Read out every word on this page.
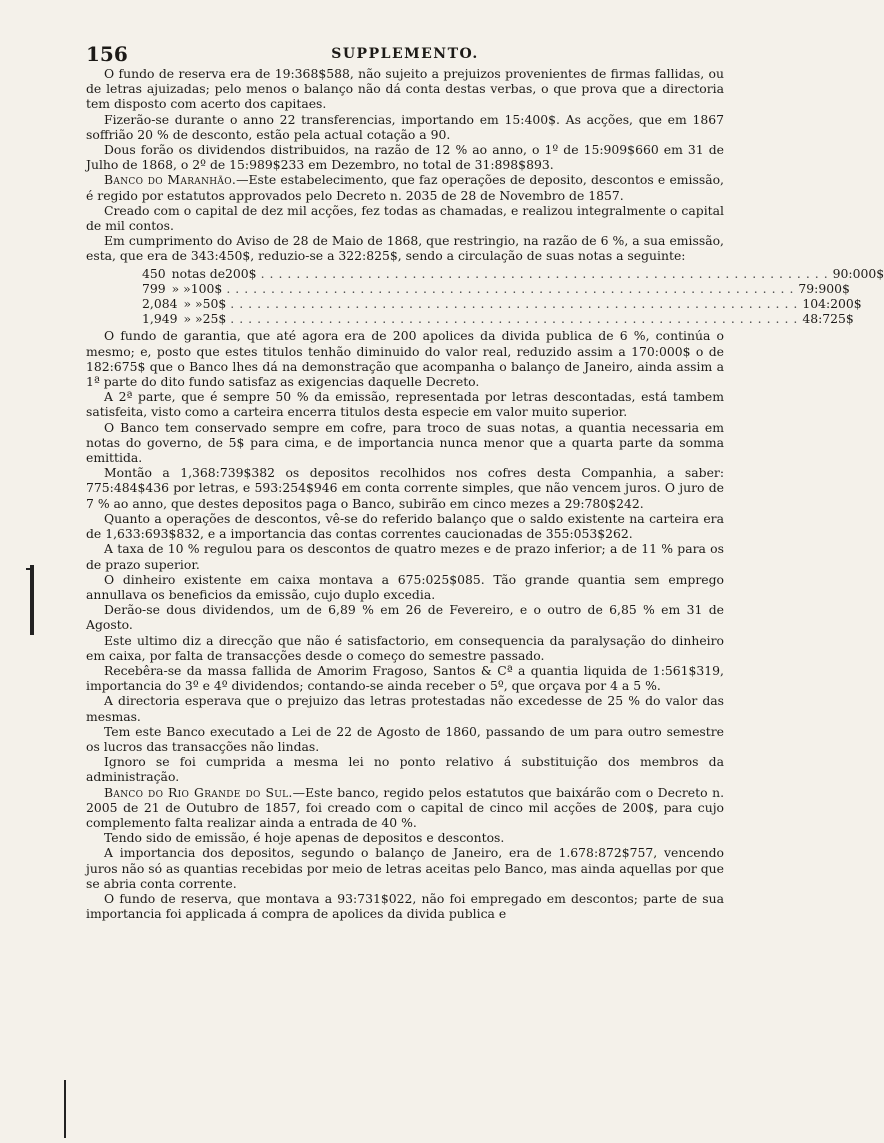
156	SUPPLEMENTO.

O fundo de reserva era de 19:368$588, não sujeito a prejuizos provenientes de firmas fallidas, ou de letras ajuizadas; pelo menos o balanço não dá conta destas verbas, o que prova que a directoria tem disposto com acerto dos capitaes.

Fizerão-se durante o anno 22 transferencias, importando em 15:400$. As acções, que em 1867 soffrião 20 % de desconto, estão pela actual cotação a 90.

Dous forão os dividendos distribuidos, na razão de 12 % ao anno, o 1º de 15:909$660 em 31 de Julho de 1868, o 2º de 15:989$233 em Dezembro, no total de 31:898$893.

Banco do Maranhão.—Este estabelecimento, que faz operações de deposito, descontos e emissão, é regido por estatutos approvados pelo Decreto n. 2035 de 28 de Novembro de 1857.

Creado com o capital de dez mil acções, fez todas as chamadas, e realizou integralmente o capital de mil contos.

Em cumprimento do Aviso de 28 de Maio de 1868, que restringio, na razão de 6 %, a sua emissão, esta, que era de 343:450$, reduzio-se a 322:825$, sendo a circulação de suas notas a seguinte:

450 notas de 200$ ................................................................ 90:000$
799 » » 100$ ................................................................ 79:900$
2,084 » » 50$ ................................................................ 104:200$
1,949 » » 25$ ................................................................ 48:725$

O fundo de garantia, que até agora era de 200 apolices da divida publica de 6 %, continúa o mesmo; e, posto que estes titulos tenhão diminuido do valor real, reduzido assim a 170:000$ o de 182:675$ que o Banco lhes dá na demonstração que acompanha o balanço de Janeiro, ainda assim a 1ª parte do dito fundo satisfaz as exigencias daquelle Decreto.

A 2ª parte, que é sempre 50 % da emissão, representada por letras descontadas, está tambem satisfeita, visto como a carteira encerra titulos desta especie em valor muito superior.

O Banco tem conservado sempre em cofre, para troco de suas notas, a quantia necessaria em notas do governo, de 5$ para cima, e de importancia nunca menor que a quarta parte da somma emittida.

Montão a 1,368:739$382 os depositos recolhidos nos cofres desta Companhia, a saber: 775:484$436 por letras, e 593:254$946 em conta corrente simples, que não vencem juros. O juro de 7 % ao anno, que destes depositos paga o Banco, subirão em cinco mezes a 29:780$242.

Quanto a operações de descontos, vê-se do referido balanço que o saldo existente na carteira era de 1,633:693$832, e a importancia das contas correntes caucionadas de 355:053$262.

A taxa de 10 % regulou para os descontos de quatro mezes e de prazo inferior; a de 11 % para os de prazo superior.

O dinheiro existente em caixa montava a 675:025$085. Tão grande quantia sem emprego annullava os beneficios da emissão, cujo duplo excedia.

Derão-se dous dividendos, um de 6,89 % em 26 de Fevereiro, e o outro de 6,85 % em 31 de Agosto.

Este ultimo diz a direcção que não é satisfactorio, em consequencia da paralysação do dinheiro em caixa, por falta de transacções desde o começo do semestre passado.

Recebêra-se da massa fallida de Amorim Fragoso, Santos & Cª a quantia liquida de 1:561$319, importancia do 3º e 4º dividendos; contando-se ainda receber o 5º, que orçava por 4 a 5 %.

A directoria esperava que o prejuizo das letras protestadas não excedesse de 25 % do valor das mesmas.

Tem este Banco executado a Lei de 22 de Agosto de 1860, passando de um para outro semestre os lucros das transacções não lindas.

Ignoro se foi cumprida a mesma lei no ponto relativo á substituição dos membros da administração.

Banco do Rio Grande do Sul.—Este banco, regido pelos estatutos que baixárão com o Decreto n. 2005 de 21 de Outubro de 1857, foi creado com o capital de cinco mil acções de 200$, para cujo complemento falta realizar ainda a entrada de 40 %.

Tendo sido de emissão, é hoje apenas de depositos e descontos.

A importancia dos depositos, segundo o balanço de Janeiro, era de 1.678:872$757, vencendo juros não só as quantias recebidas por meio de letras aceitas pelo Banco, mas ainda aquellas por que se abria conta corrente.

O fundo de reserva, que montava a 93:731$022, não foi empregado em descontos; parte de sua importancia foi applicada á compra de apolices da divida publica e
